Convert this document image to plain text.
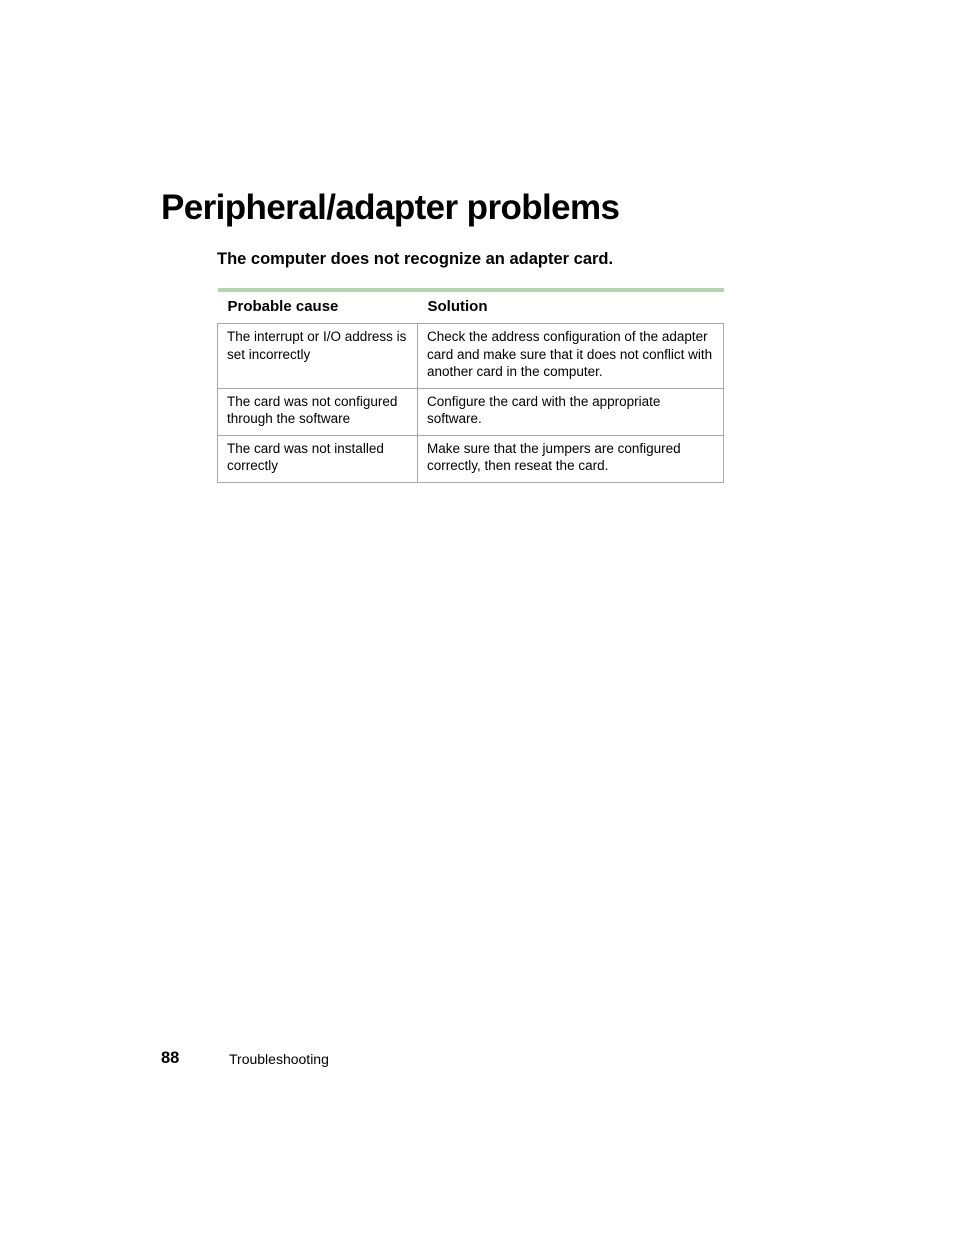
Peripheral/adapter problems
The computer does not recognize an adapter card.
Probable cause	Solution
The interrupt or I/O address is set incorrectly	Check the address configuration of the adapter card and make sure that it does not conflict with another card in the computer.
The card was not configured through the software	Configure the card with the appropriate software.
The card was not installed correctly	Make sure that the jumpers are configured correctly, then reseat the card.
88	Troubleshooting
